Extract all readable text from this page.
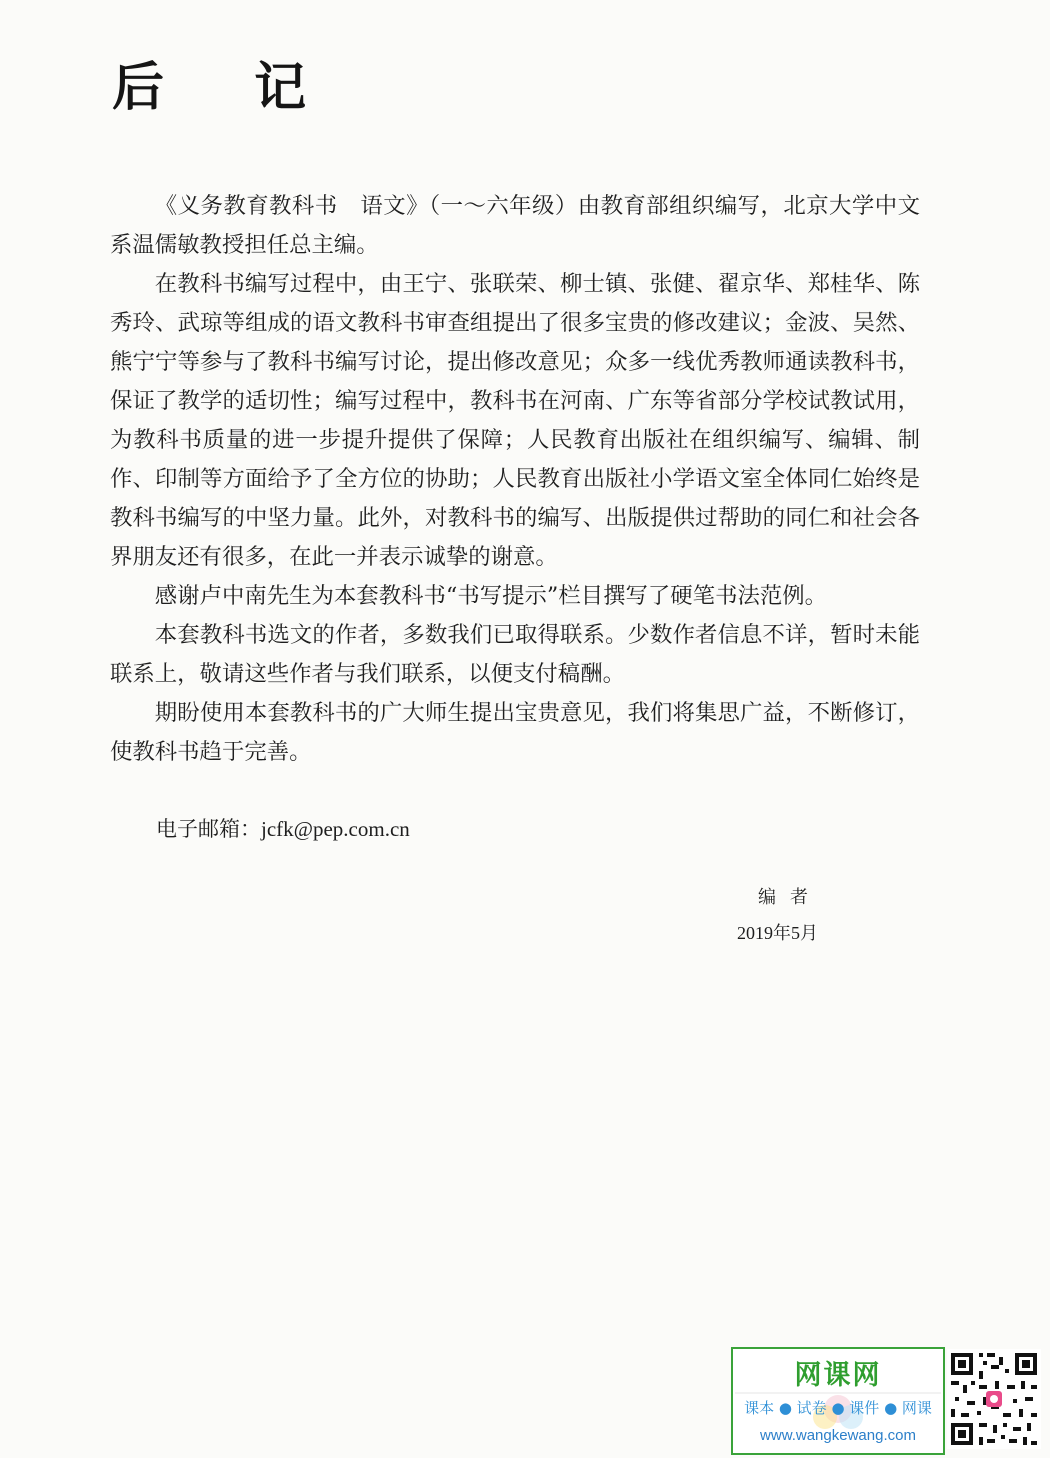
后 记

《义务教育教科书　语文》（一～六年级）由教育部组织编写，北京大学中文系温儒敏教授担任总主编。

在教科书编写过程中，由王宁、张联荣、柳士镇、张健、翟京华、郑桂华、陈秀玲、武琼等组成的语文教科书审查组提出了很多宝贵的修改建议；金波、吴然、熊宁宁等参与了教科书编写讨论，提出修改意见；众多一线优秀教师通读教科书，保证了教学的适切性；编写过程中，教科书在河南、广东等省部分学校试教试用，为教科书质量的进一步提升提供了保障；人民教育出版社在组织编写、编辑、制作、印制等方面给予了全方位的协助；人民教育出版社小学语文室全体同仁始终是教科书编写的中坚力量。此外，对教科书的编写、出版提供过帮助的同仁和社会各界朋友还有很多，在此一并表示诚挚的谢意。

感谢卢中南先生为本套教科书“书写提示”栏目撰写了硬笔书法范例。

本套教科书选文的作者，多数我们已取得联系。少数作者信息不详，暂时未能联系上，敬请这些作者与我们联系，以便支付稿酬。

期盼使用本套教科书的广大师生提出宝贵意见，我们将集思广益，不断修订，使教科书趋于完善。

电子邮箱：jcfk@pep.com.cn
编者
2019年5月
网课网
课本 ● 试卷 ● 课件 ● 网课
www.wangkewang.com
